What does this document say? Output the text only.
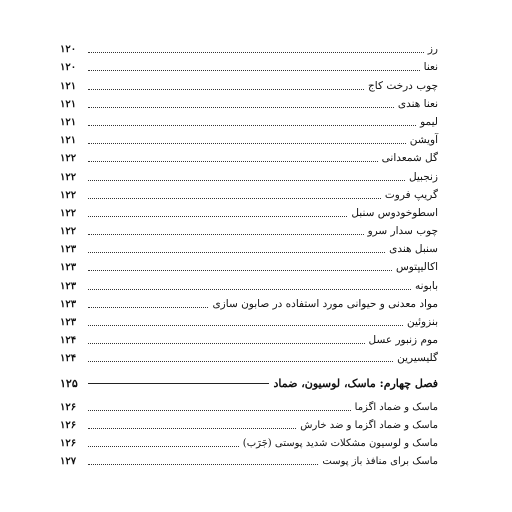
رز
۱۲۰
نعنا
۱۲۰
چوب درخت کاج
۱۲۱
نعنا هندی
۱۲۱
لیمو
۱۲۱
آویشن
۱۲۱
گل شمعدانی
۱۲۲
زنجبیل
۱۲۲
گریپ فروت
۱۲۲
اسطوخودوس سنبل
۱۲۲
چوب سدار سرو
۱۲۲
سنبل هندی
۱۲۳
اکالیپتوس
۱۲۳
بابونه
۱۲۳
مواد معدنی و حیوانی مورد استفاده در صابون سازی
۱۲۳
بنزوئین
۱۲۳
موم زنبور عسل
۱۲۴
گلیسیرین
۱۲۴
فصل چهارم: ماسک، لوسیون، ضماد
۱۲۵
ماسک و ضماد اگزما
۱۲۶
ماسک و ضماد اگزما و ضد خارش
۱۲۶
ماسک و لوسیون مشکلات شدید پوستی (جَرَب)
۱۲۶
ماسک برای منافذ باز پوست
۱۲۷
